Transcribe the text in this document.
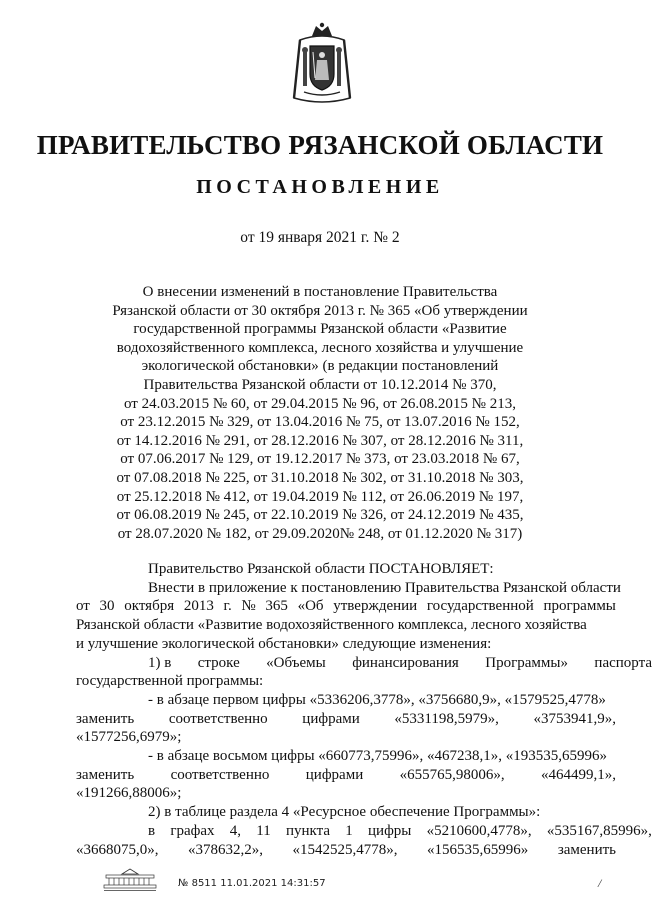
ПРАВИТЕЛЬСТВО РЯЗАНСКОЙ ОБЛАСТИ
ПОСТАНОВЛЕНИЕ
от 19 января 2021 г. № 2
О внесении изменений в постановление Правительства
Рязанской области от 30 октября 2013 г. № 365 «Об утверждении
государственной программы Рязанской области «Развитие
водохозяйственного комплекса, лесного хозяйства и улучшение
экологической обстановки» (в редакции постановлений
Правительства Рязанской области от 10.12.2014 № 370,
от 24.03.2015 № 60, от 29.04.2015 № 96, от 26.08.2015 № 213,
от 23.12.2015 № 329, от 13.04.2016 № 75, от 13.07.2016 № 152,
от 14.12.2016 № 291, от 28.12.2016 № 307, от 28.12.2016 № 311,
от 07.06.2017 № 129, от 19.12.2017 № 373, от 23.03.2018 № 67,
от 07.08.2018 № 225, от 31.10.2018 № 302, от 31.10.2018 № 303,
от 25.12.2018 № 412, от 19.04.2019 № 112, от 26.06.2019 № 197,
от 06.08.2019 № 245, от 22.10.2019 № 326, от 24.12.2019 № 435,
от 28.07.2020 № 182, от 29.09.2020№ 248, от 01.12.2020 № 317)
Правительство Рязанской области ПОСТАНОВЛЯЕТ:
Внести в приложение к постановлению Правительства Рязанской области
от 30 октября 2013 г. № 365 «Об утверждении государственной программы
Рязанской области «Развитие водохозяйственного комплекса, лесного хозяйства
и улучшение экологической обстановки» следующие изменения:
1) в строке «Объемы финансирования Программы» паспорта
государственной программы:
- в абзаце первом цифры «5336206,3778», «3756680,9», «1579525,4778»
заменить соответственно цифрами «5331198,5979», «3753941,9»,
«1577256,6979»;
- в абзаце восьмом цифры «660773,75996», «467238,1», «193535,65996»
заменить соответственно цифрами «655765,98006», «464499,1»,
«191266,88006»;
2) в таблице раздела 4 «Ресурсное обеспечение Программы»:
в графах 4, 11 пункта 1 цифры «5210600,4778», «535167,85996»,
«3668075,0», «378632,2», «1542525,4778», «156535,65996» заменить
№ 8511 11.01.2021 14:31:57	/
